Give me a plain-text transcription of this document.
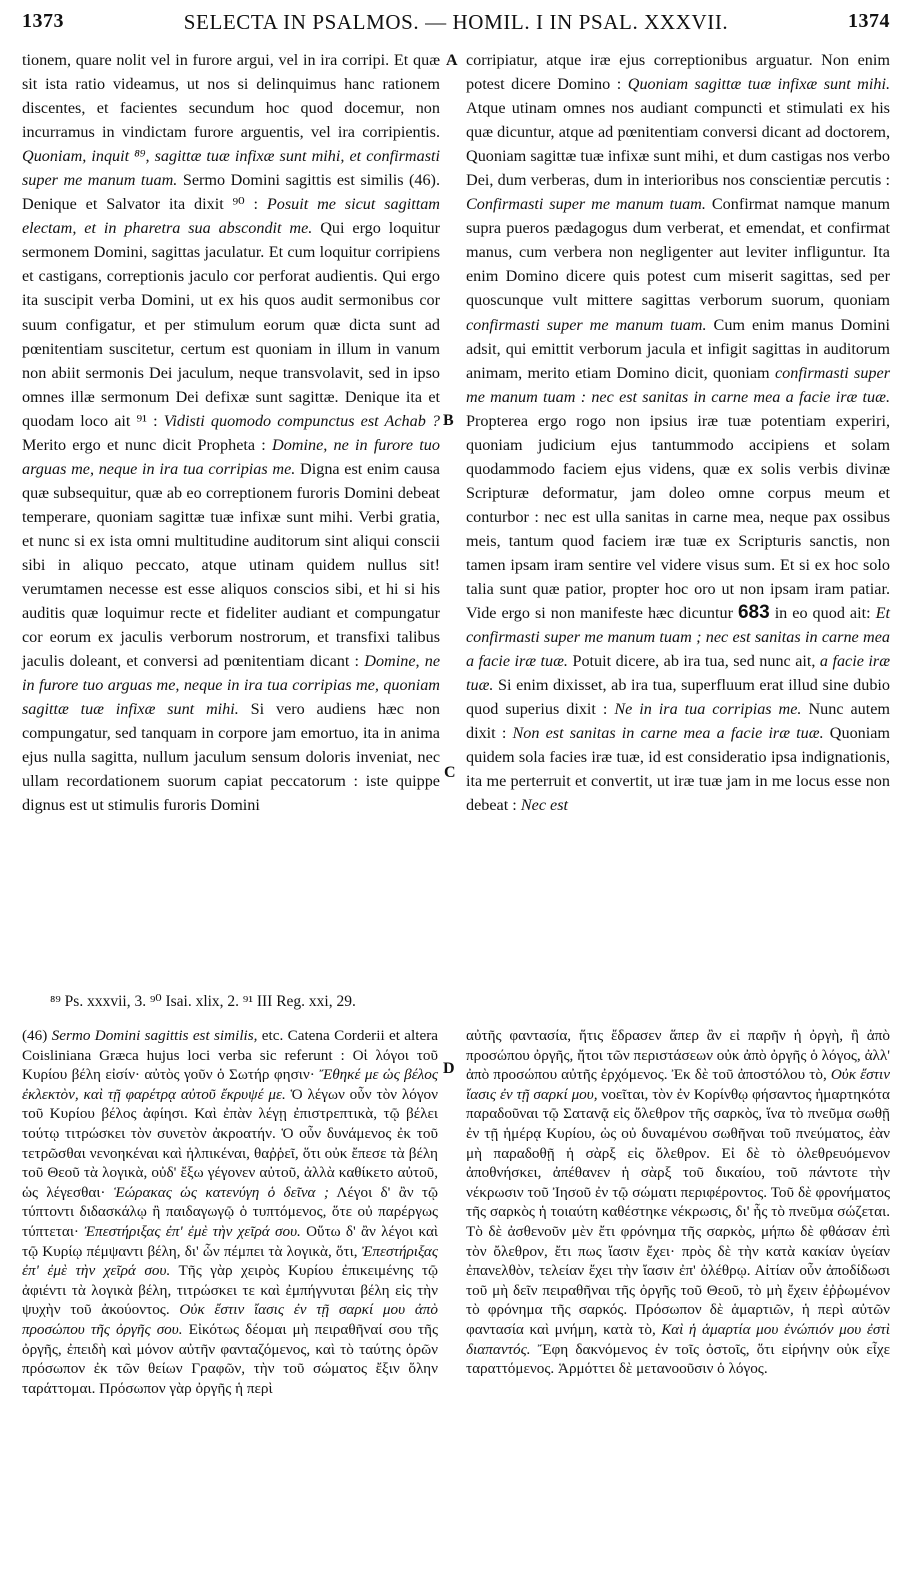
1373	SELECTA IN PSALMOS. — HOMIL. I IN PSAL. XXXVII.	1374
A
B
C
D

tionem, quare nolit vel in furore argui, vel in ira corripi. Et quæ sit ista ratio videamus, ut nos si delinquimus hanc rationem discentes, et facientes secundum hoc quod docemur, non incurramus in vindictam furore arguentis, vel ira corripientis. Quoniam, inquit ⁸⁹, sagittæ tuæ infixæ sunt mihi, et confirmasti super me manum tuam. Sermo Domini sagittis est similis (46). Denique et Salvator ita dixit ⁹⁰ : Posuit me sicut sagittam electam, et in pharetra sua abscondit me. Qui ergo loquitur sermonem Domini, sagittas jaculatur. Et cum loquitur corripiens et castigans, correptionis jaculo cor perforat audientis. Qui ergo ita suscipit verba Domini, ut ex his quos audit sermonibus cor suum configatur, et per stimulum eorum quæ dicta sunt ad pœnitentiam suscitetur, certum est quoniam in illum in vanum non abiit sermonis Dei jaculum, neque transvolavit, sed in ipso omnes illæ sermonum Dei defixæ sunt sagittæ. Denique ita et quodam loco ait ⁹¹ : Vidisti quomodo compunctus est Achab ? Merito ergo et nunc dicit Propheta : Domine, ne in furore tuo arguas me, neque in ira tua corripias me. Digna est enim causa quæ subsequitur, quæ ab eo correptionem furoris Domini debeat temperare, quoniam sagittæ tuæ infixæ sunt mihi. Verbi gratia, et nunc si ex ista omni multitudine auditorum sint aliqui conscii sibi in aliquo peccato, atque utinam quidem nullus sit! verumtamen necesse est esse aliquos conscios sibi, et hi si his auditis quæ loquimur recte et fideliter audiant et compungatur cor eorum ex jaculis verborum nostrorum, et transfixi talibus jaculis doleant, et conversi ad pœnitentiam dicant : Domine, ne in furore tuo arguas me, neque in ira tua corripias me, quoniam sagittæ tuæ infixæ sunt mihi. Si vero audiens hæc non compungatur, sed tanquam in corpore jam emortuo, ita in anima ejus nulla sagitta, nullum jaculum sensum doloris inveniat, nec ullam recordationem suorum capiat peccatorum : iste quippe dignus est ut stimulis furoris Domini

corripiatur, atque iræ ejus correptionibus arguatur. Non enim potest dicere Domino : Quoniam sagittæ tuæ infixæ sunt mihi. Atque utinam omnes nos audiant compuncti et stimulati ex his quæ dicuntur, atque ad pœnitentiam conversi dicant ad doctorem, Quoniam sagittæ tuæ infixæ sunt mihi, et dum castigas nos verbo Dei, dum verberas, dum in interioribus nos conscientiæ percutis : Confirmasti super me manum tuam. Confirmat namque manum supra pueros pædagogus dum verberat, et emendat, et confirmat manus, cum verbera non negligenter aut leviter infliguntur. Ita enim Domino dicere quis potest cum miserit sagittas, sed per quoscunque vult mittere sagittas verborum suorum, quoniam confirmasti super me manum tuam. Cum enim manus Domini adsit, qui emittit verborum jacula et infigit sagittas in auditorum animam, merito etiam Domino dicit, quoniam confirmasti super me manum tuam : nec est sanitas in carne mea a facie iræ tuæ. Propterea ergo rogo non ipsius iræ tuæ potentiam experiri, quoniam judicium ejus tantummodo accipiens et solam quodammodo faciem ejus videns, quæ ex solis verbis divinæ Scripturæ deformatur, jam doleo omne corpus meum et conturbor : nec est ulla sanitas in carne mea, neque pax ossibus meis, tantum quod faciem iræ tuæ ex Scripturis sanctis, non tamen ipsam iram sentire vel videre visus sum. Et si ex hoc solo talia sunt quæ patior, propter hoc oro ut non ipsam iram patiar. Vide ergo si non manifeste hæc dicuntur 683 in eo quod ait: Et confirmasti super me manum tuam ; nec est sanitas in carne mea a facie iræ tuæ. Potuit dicere, ab ira tua, sed nunc ait, a facie iræ tuæ. Si enim dixisset, ab ira tua, superfluum erat illud sine dubio quod superius dixit : Ne in ira tua corripias me. Nunc autem dixit : Non est sanitas in carne mea a facie iræ tuæ. Quoniam quidem sola facies iræ tuæ, id est consideratio ipsa indignationis, ita me perterruit et convertit, ut iræ tuæ jam in me locus esse non debeat : Nec est

⁸⁹ Ps. xxxvii, 3. ⁹⁰ Isai. xlix, 2. ⁹¹ III Reg. xxi, 29.

(46) Sermo Domini sagittis est similis, etc. Catena Corderii et altera Coisliniana Græca hujus loci verba sic referunt : Οἱ λόγοι τοῦ Κυρίου βέλη εἰσίν· αὐτὸς γοῦν ὁ Σωτήρ φησιν· Ἔθηκέ με ὡς βέλος ἐκλεκτὸν, καὶ τῇ φαρέτρᾳ αὐτοῦ ἔκρυψέ με. Ὁ λέγων οὖν τὸν λόγον τοῦ Κυρίου βέλος ἀφίησι. Καὶ ἐπὰν λέγῃ ἐπιστρεπτικὰ, τῷ βέλει τούτῳ τιτρώσκει τὸν συνετὸν ἀκροατήν. Ὁ οὖν δυνάμενος ἐκ τοῦ τετρῶσθαι νενοηκέναι καὶ ἡλπικέναι, θαῤῥεῖ, ὅτι οὐκ ἔπεσε τὰ βέλη τοῦ Θεοῦ τὰ λογικὰ, οὐδ' ἔξω γέγονεν αὐτοῦ, ἀλλὰ καθίκετο αὐτοῦ, ὡς λέγεσθαι· Ἑώρακας ὡς κατενύγη ὁ δεῖνα ; Λέγοι δ' ἂν τῷ τύπτοντι διδασκάλῳ ἢ παιδαγωγῷ ὁ τυπτόμενος, ὅτε οὐ παρέργως τύπτεται· Ἐπεστήριξας ἐπ' ἐμὲ τὴν χεῖρά σου. Οὕτω δ' ἂν λέγοι καὶ τῷ Κυρίῳ πέμψαντι βέλη, δι' ὧν πέμπει τὰ λογικὰ, ὅτι, Ἐπεστήριξας ἐπ' ἐμὲ τὴν χεῖρά σου. Τῆς γὰρ χειρὸς Κυρίου ἐπικειμένης τῷ ἀφιέντι τὰ λογικὰ βέλη, τιτρώσκει τε καὶ ἐμπήγνυται βέλη εἰς τὴν ψυχὴν τοῦ ἀκούοντος. Οὐκ ἔστιν ἴασις ἐν τῇ σαρκί μου ἀπὸ προσώπου τῆς ὀργῆς σου. Εἰκότως δέομαι μὴ πειραθῆναί σου τῆς ὀργῆς, ἐπειδὴ καὶ μόνον αὐτῆν φανταζόμενος, καὶ τὸ ταύτης ὁρῶν πρόσωπον ἐκ τῶν θείων Γραφῶν, τὴν τοῦ σώματος ἔξιν ὅλην ταράττομαι. Πρόσωπον γὰρ ὀργῆς ἡ περὶ

αὐτῆς φαντασία, ἥτις ἔδρασεν ἅπερ ἂν εἰ παρῆν ἡ ὀργὴ, ἢ ἀπὸ προσώπου ὀργῆς, ἤτοι τῶν περιστάσεων οὐκ ἀπὸ ὀργῆς ὁ λόγος, ἀλλ' ἀπὸ προσώπου αὐτῆς ἐρχόμενος. Ἐκ δὲ τοῦ ἀποστόλου τὸ, Οὐκ ἔστιν ἴασις ἐν τῇ σαρκί μου, νοεῖται, τὸν ἐν Κορίνθῳ φήσαντος ἡμαρτηκότα παραδοῦναι τῷ Σατανᾷ εἰς ὄλεθρον τῆς σαρκὸς, ἵνα τὸ πνεῦμα σωθῇ ἐν τῇ ἡμέρᾳ Κυρίου, ὡς οὐ δυναμένου σωθῆναι τοῦ πνεύματος, ἐὰν μὴ παραδοθῇ ἡ σὰρξ εἰς ὄλεθρον. Εἰ δὲ τὸ ὀλεθρευόμενον ἀποθνήσκει, ἀπέθανεν ἡ σὰρξ τοῦ δικαίου, τοῦ πάντοτε τὴν νέκρωσιν τοῦ Ἰησοῦ ἐν τῷ σώματι περιφέροντος. Τοῦ δὲ φρονήματος τῆς σαρκὸς ἡ τοιαύτη καθέστηκε νέκρωσις, δι' ἧς τὸ πνεῦμα σώζεται. Τὸ δὲ ἀσθενοῦν μὲν ἔτι φρόνημα τῆς σαρκὸς, μήπω δὲ φθάσαν ἐπὶ τὸν ὄλεθρον, ἔτι πως ἴασιν ἔχει· πρὸς δὲ τὴν κατὰ κακίαν ὑγείαν ἐπανελθὸν, τελείαν ἔχει τὴν ἴασιν ἐπ' ὀλέθρῳ. Αἰτίαν οὖν ἀποδίδωσι τοῦ μὴ δεῖν πειραθῆναι τῆς ὀργῆς τοῦ Θεοῦ, τὸ μὴ ἔχειν ἐῤῥωμένον τὸ φρόνημα τῆς σαρκός. Πρόσωπον δὲ ἁμαρτιῶν, ἡ περὶ αὐτῶν φαντασία καὶ μνήμη, κατὰ τὸ, Καὶ ἡ ἁμαρτία μου ἐνώπιόν μου ἐστὶ διαπαντός. Ἔφη δακνόμενος ἐν τοῖς ὀστοῖς, ὅτι εἰρήνην οὐκ εἶχε ταραττόμενος. Ἁρμόττει δὲ μετανοοῦσιν ὁ λόγος.
